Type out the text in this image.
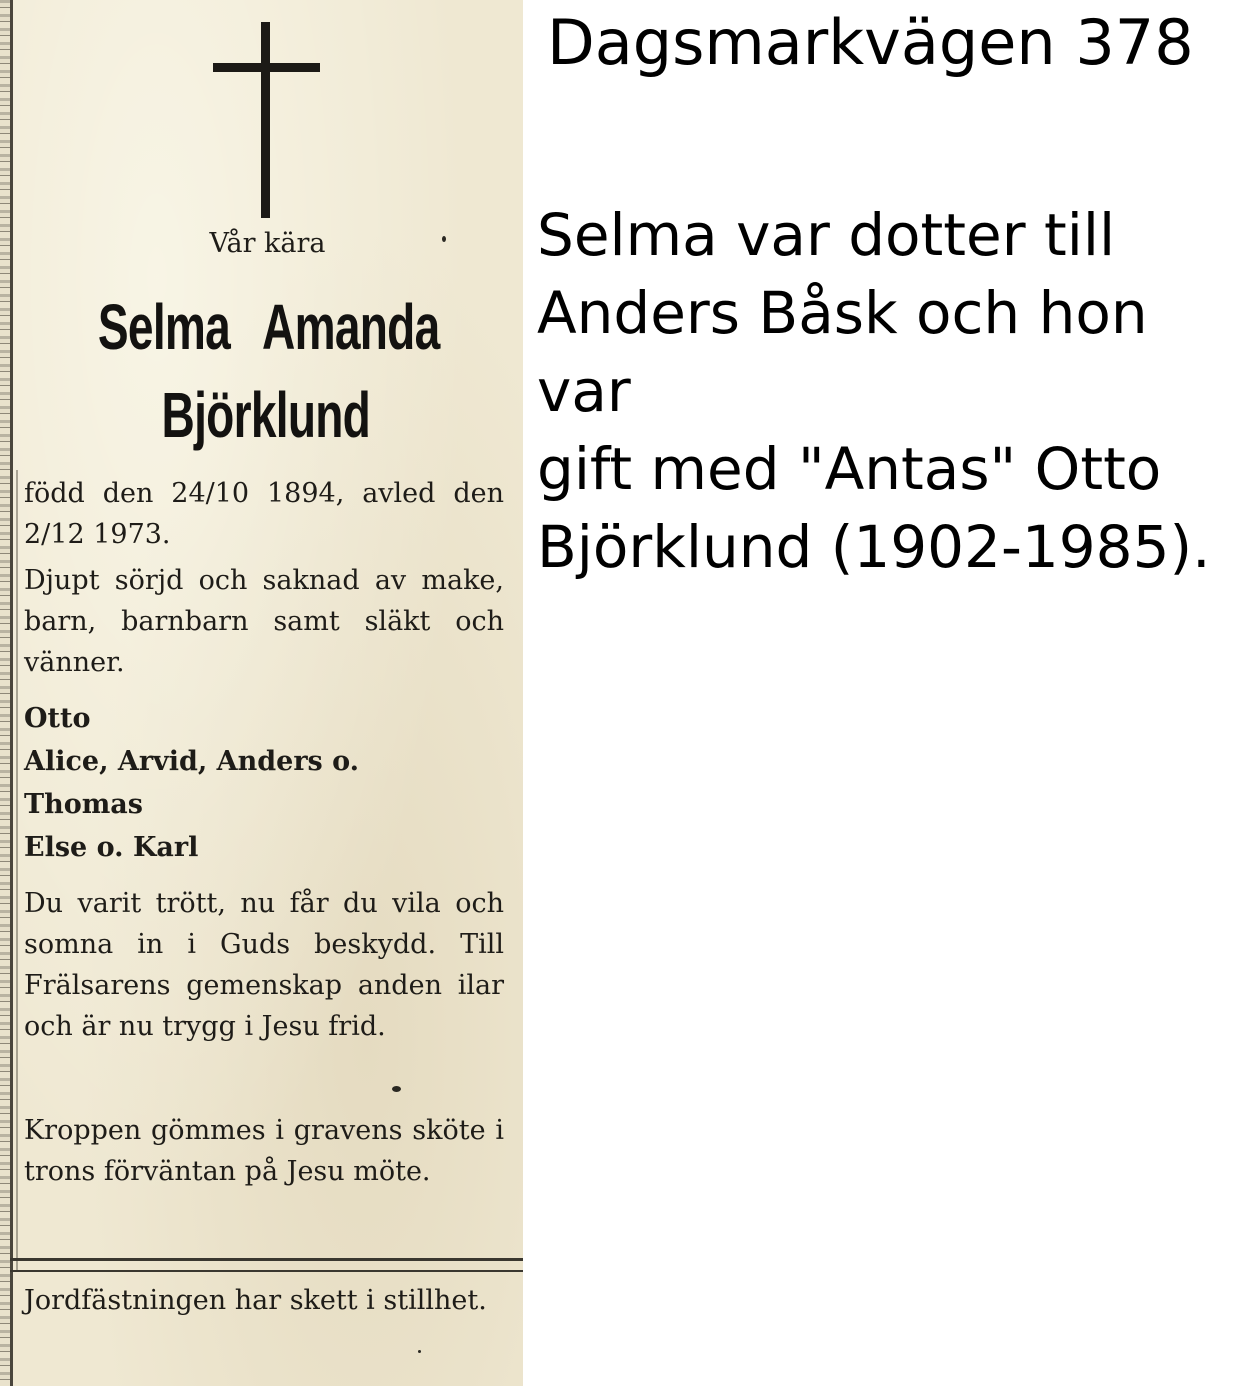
Vår kära

Selma Amanda

Björklund

född den 24/10 1894, avled den 2/12 1973.

Djupt sörjd och saknad av make, barn, barnbarn samt släkt och vänner.

Otto
Alice, Arvid, Anders o.
Thomas
Else o. Karl

Du varit trött, nu får du vila och somna in i Guds beskydd. Till Frälsarens gemenskap anden ilar och är nu trygg i Jesu frid.

Kroppen gömmes i gravens sköte i trons förväntan på Jesu möte.

Jordfästningen har skett i stillhet.

Dagsmarkvägen 378

Selma var dotter till
Anders Båsk och hon var
gift med "Antas" Otto
Björklund (1902-1985).
